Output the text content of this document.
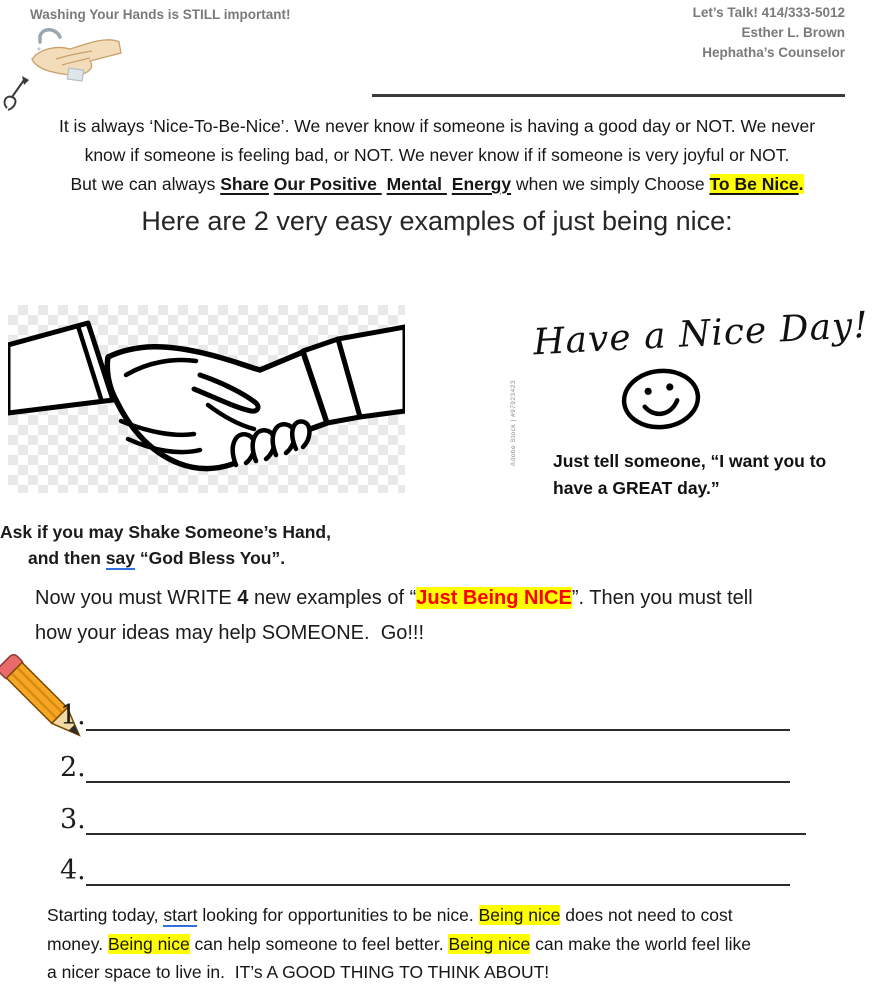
Washing Your Hands is STILL important!	Let’s Talk! 414/333-5012
Esther L. Brown
Hephatha’s Counselor
It is always ‘Nice-To-Be-Nice’. We never know if someone is having a good day or NOT. We never
know if someone is feeling bad, or NOT. We never know if if someone is very joyful or NOT.
But we can always Share Our Positive  Mental  Energy when we simply Choose To Be Nice.
Here are 2 very easy examples of just being nice:
Have a Nice Day!
Adobe Stock | #97923423 Just tell someone, “I want you to have a GREAT day.”
Ask if you may Shake Someone’s Hand,
and then say “God Bless You”.
Now you must WRITE 4 new examples of “Just Being NICE”. Then you must tell
how your ideas may help SOMEONE.  Go!!!
1.
2.
3.
4.
Starting today, start looking for opportunities to be nice. Being nice does not need to cost
money. Being nice can help someone to feel better. Being nice can make the world feel like
a nicer space to live in.  IT’s A GOOD THING TO THINK ABOUT!
